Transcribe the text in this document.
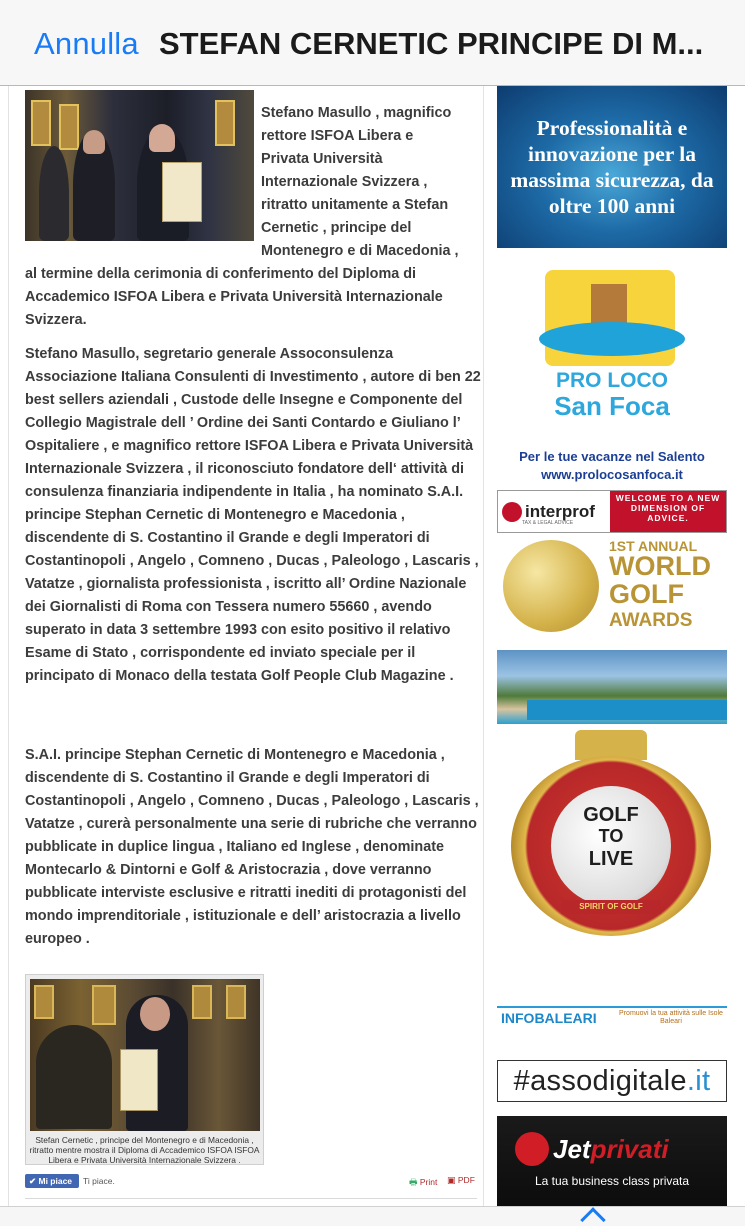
Annulla STEFAN CERNETIC PRINCIPE DI M...

Stefano Masullo , magnifico

rettore ISFOA Libera e

Privata Università

Internazionale Svizzera ,

ritratto unitamente a Stefan

Cernetic , principe del

Montenegro e di Macedonia ,

al termine della cerimonia di conferimento del Diploma di Accademico ISFOA Libera e Privata Università Internazionale Svizzera.
Stefano Masullo, segretario generale Assoconsulenza Associazione Italiana Consulenti di Investimento , autore di ben 22 best sellers aziendali , Custode delle Insegne e Componente del Collegio Magistrale dell ’ Ordine dei Santi Contardo e Giuliano l’ Ospitaliere , e magnifico rettore ISFOA Libera e Privata Università Internazionale Svizzera , il riconosciuto fondatore dell‘ attività di consulenza finanziaria indipendente in Italia , ha nominato S.A.I. principe Stephan Cernetic di Montenegro e Macedonia , discendente di S. Costantino il Grande e degli Imperatori di Costantinopoli , Angelo , Comneno , Ducas , Paleologo , Lascaris , Vatatze , giornalista professionista , iscritto all’ Ordine Nazionale dei Giornalisti di Roma con Tessera numero 55660 , avendo superato in data 3 settembre 1993 con esito positivo il relativo Esame di Stato , corrispondente ed inviato speciale per il principato di Monaco della testata Golf People Club Magazine .
S.A.I. principe Stephan Cernetic di Montenegro e Macedonia , discendente di S. Costantino il Grande e degli Imperatori di Costantinopoli , Angelo , Comneno , Ducas , Paleologo , Lascaris , Vatatze , curerà personalmente una serie di rubriche che verranno pubblicate in duplice lingua , Italiano ed Inglese , denominate Montecarlo & Dintorni e Golf & Aristocrazia , dove verranno pubblicate interviste esclusive e ritratti inediti di protagonisti del mondo imprenditoriale , istituzionale e dell’ aristocrazia a livello europeo .
Stefan Cernetic , principe del Montenegro e di Macedonia , ritratto mentre mostra il Diploma di Accademico ISFOA ISFOA Libera e Privata Università Internazionale Svizzera .
✔ Mi piace	Ti piace.	🖶 Print ▣ PDF
Professionalità e innovazione per la massima sicurezza, da oltre 100 anni
PRO LOCO
San Foca
Per le tue vacanze nel Salento
www.prolocosanfoca.it
interprof
TAX & LEGAL ADVICE
WELCOME TO A NEW DIMENSION OF ADVICE.
1ST ANNUAL
WORLD
GOLF
AWARDS
GOLF
TO
LIVE
SPIRIT OF GOLF
INFOBALEARI	Promuovi la tua attività sulle Isole Baleari
#assodigitale .it
Jetprivati
La tua business class privata
